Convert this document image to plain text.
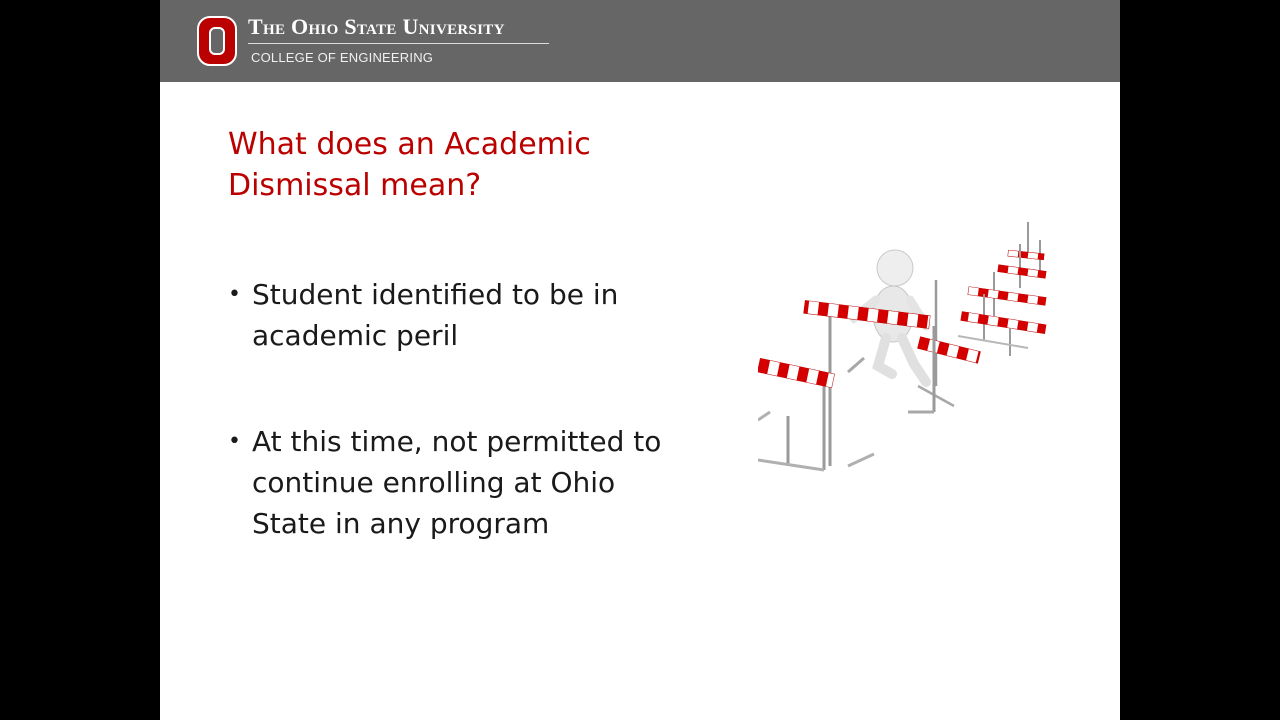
The Ohio State University
COLLEGE OF ENGINEERING
What does an Academic Dismissal mean?
• Student identified to be in academic peril
• At this time, not permitted to continue enrolling at Ohio State in any program
